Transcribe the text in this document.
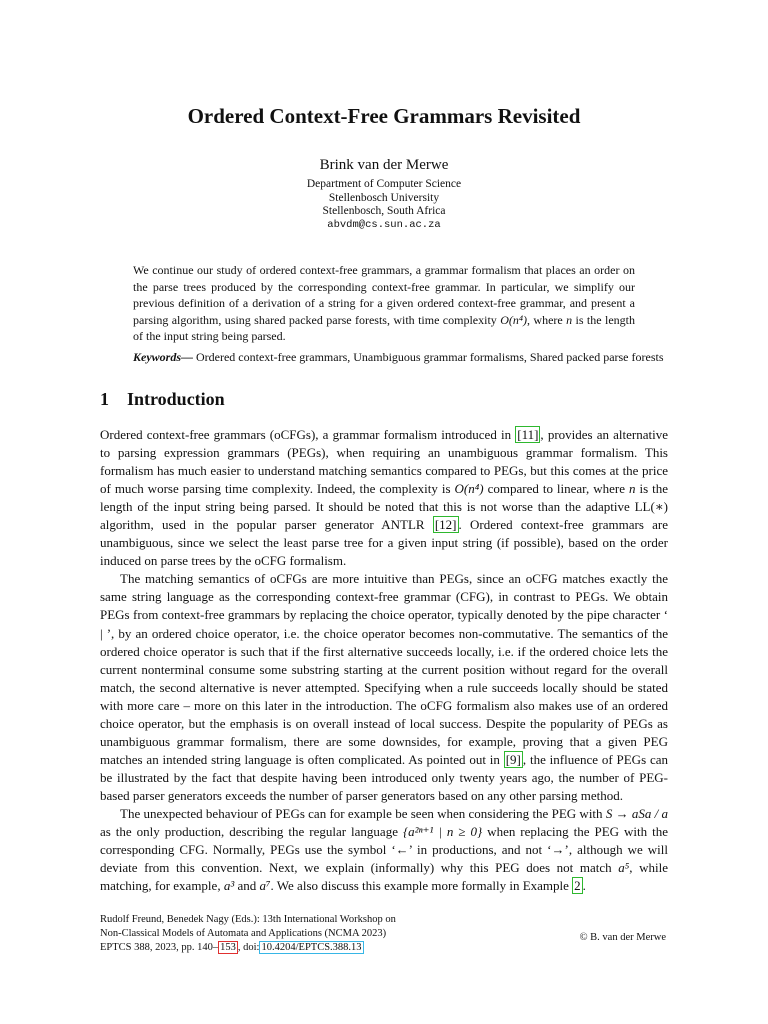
Ordered Context-Free Grammars Revisited
Brink van der Merwe
Department of Computer Science
Stellenbosch University
Stellenbosch, South Africa
abvdm@cs.sun.ac.za

We continue our study of ordered context-free grammars, a grammar formalism that places an order on the parse trees produced by the corresponding context-free grammar. In particular, we simplify our previous definition of a derivation of a string for a given ordered context-free grammar, and present a parsing algorithm, using shared packed parse forests, with time complexity O(n⁴), where n is the length of the input string being parsed.

Keywords— Ordered context-free grammars, Unambiguous grammar formalisms, Shared packed parse forests
1 Introduction

Ordered context-free grammars (oCFGs), a grammar formalism introduced in [11] , provides an alternative to parsing expression grammars (PEGs), when requiring an unambiguous grammar formalism. This formalism has much easier to understand matching semantics compared to PEGs, but this comes at the price of much worse parsing time complexity. Indeed, the complexity is O(n⁴) compared to linear, where n is the length of the input string being parsed. It should be noted that this is not worse than the adaptive LL(∗) algorithm, used in the popular parser generator ANTLR [12] . Ordered context-free grammars are unambiguous, since we select the least parse tree for a given input string (if possible), based on the order induced on parse trees by the oCFG formalism.

The matching semantics of oCFGs are more intuitive than PEGs, since an oCFG matches exactly the same string language as the corresponding context-free grammar (CFG), in contrast to PEGs. We obtain PEGs from context-free grammars by replacing the choice operator, typically denoted by the pipe character ‘ | ’, by an ordered choice operator, i.e. the choice operator becomes non-commutative. The semantics of the ordered choice operator is such that if the first alternative succeeds locally, i.e. if the ordered choice lets the current nonterminal consume some substring starting at the current position without regard for the overall match, the second alternative is never attempted. Specifying when a rule succeeds locally should be stated with more care – more on this later in the introduction. The oCFG formalism also makes use of an ordered choice operator, but the emphasis is on overall instead of local success. Despite the popularity of PEGs as unambiguous grammar formalism, there are some downsides, for example, proving that a given PEG matches an intended string language is often complicated. As pointed out in [9] , the influence of PEGs can be illustrated by the fact that despite having been introduced only twenty years ago, the number of PEG-based parser generators exceeds the number of parser generators based on any other parsing method.

The unexpected behaviour of PEGs can for example be seen when considering the PEG with S → aSa / a as the only production, describing the regular language {a²ⁿ⁺¹ | n ≥ 0} when replacing the PEG with the corresponding CFG. Normally, PEGs use the symbol ‘←’ in productions, and not ‘→’, although we will deviate from this convention. Next, we explain (informally) why this PEG does not match a⁵, while matching, for example, a³ and a⁷. We also discuss this example more formally in Example 2 .

Rudolf Freund, Benedek Nagy (Eds.): 13th International Workshop on
Non-Classical Models of Automata and Applications (NCMA 2023)
EPTCS 388, 2023, pp. 140– 153 , doi: 10.4204/EPTCS.388.13
© B. van der Merwe
